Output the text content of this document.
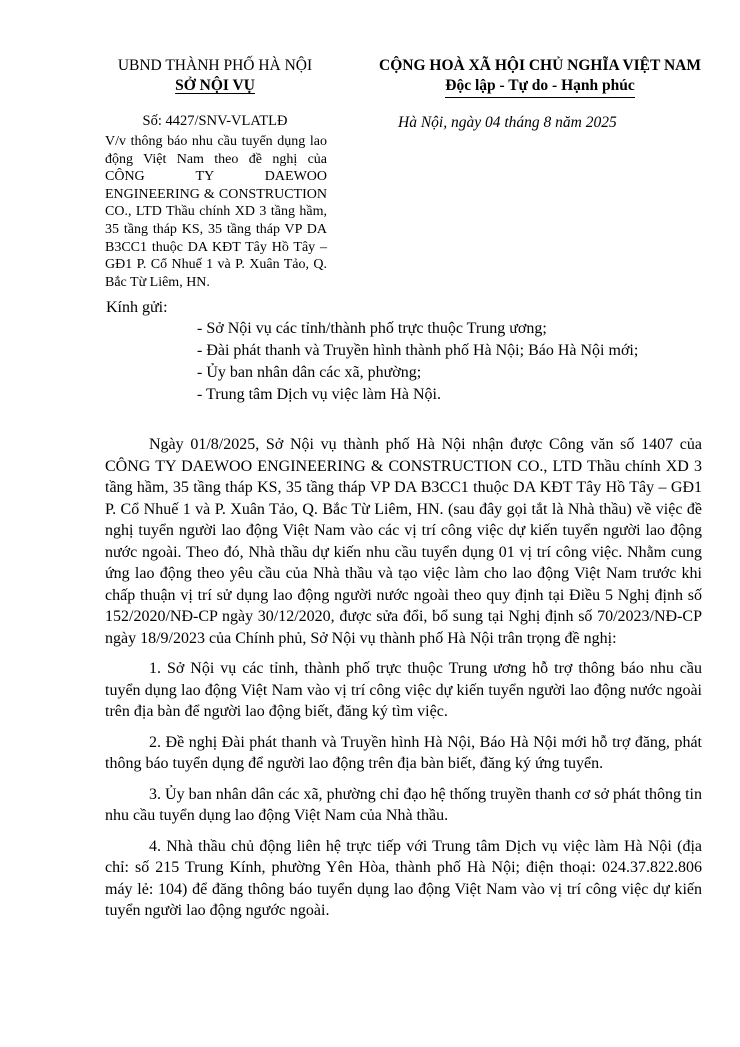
UBND THÀNH PHỐ HÀ NỘI
SỞ NỘI VỤ
CỘNG HOÀ XÃ HỘI CHỦ NGHĨA VIỆT NAM
Độc lập - Tự do - Hạnh phúc
Số: 4427/SNV-VLATLĐ	Hà Nội, ngày 04 tháng 8 năm 2025
V/v thông báo nhu cầu tuyển dụng lao động Việt Nam theo đề nghị của CÔNG TY DAEWOO ENGINEERING & CONSTRUCTION CO., LTD Thầu chính XD 3 tầng hầm, 35 tầng tháp KS, 35 tầng tháp VP DA B3CC1 thuộc DA KĐT Tây Hồ Tây – GĐ1 P. Cổ Nhuế 1 và P. Xuân Tảo, Q. Bắc Từ Liêm, HN.
Kính gửi:
- Sở Nội vụ các tỉnh/thành phố trực thuộc Trung ương;
- Đài phát thanh và Truyền hình thành phố Hà Nội; Báo Hà Nội mới;
- Ủy ban nhân dân các xã, phường;
- Trung tâm Dịch vụ việc làm Hà Nội.

Ngày 01/8/2025, Sở Nội vụ thành phố Hà Nội nhận được Công văn số 1407 của CÔNG TY DAEWOO ENGINEERING & CONSTRUCTION CO., LTD Thầu chính XD 3 tầng hầm, 35 tầng tháp KS, 35 tầng tháp VP DA B3CC1 thuộc DA KĐT Tây Hồ Tây – GĐ1 P. Cổ Nhuế 1 và P. Xuân Tảo, Q. Bắc Từ Liêm, HN. (sau đây gọi tắt là Nhà thầu) về việc đề nghị tuyển người lao động Việt Nam vào các vị trí công việc dự kiến tuyển người lao động nước ngoài. Theo đó, Nhà thầu dự kiến nhu cầu tuyển dụng 01 vị trí công việc. Nhằm cung ứng lao động theo yêu cầu của Nhà thầu và tạo việc làm cho lao động Việt Nam trước khi chấp thuận vị trí sử dụng lao động người nước ngoài theo quy định tại Điều 5 Nghị định số 152/2020/NĐ-CP ngày 30/12/2020, được sửa đổi, bổ sung tại Nghị định số 70/2023/NĐ-CP ngày 18/9/2023 của Chính phủ, Sở Nội vụ thành phố Hà Nội trân trọng đề nghị:

1. Sở Nội vụ các tỉnh, thành phố trực thuộc Trung ương hỗ trợ thông báo nhu cầu tuyển dụng lao động Việt Nam vào vị trí công việc dự kiến tuyển người lao động nước ngoài trên địa bàn để người lao động biết, đăng ký tìm việc.

2. Đề nghị Đài phát thanh và Truyền hình Hà Nội, Báo Hà Nội mới hỗ trợ đăng, phát thông báo tuyển dụng để người lao động trên địa bàn biết, đăng ký ứng tuyển.

3. Ủy ban nhân dân các xã, phường chỉ đạo hệ thống truyền thanh cơ sở phát thông tin nhu cầu tuyển dụng lao động Việt Nam của Nhà thầu.

4. Nhà thầu chủ động liên hệ trực tiếp với Trung tâm Dịch vụ việc làm Hà Nội (địa chỉ: số 215 Trung Kính, phường Yên Hòa, thành phố Hà Nội; điện thoại: 024.37.822.806 máy lẻ: 104) để đăng thông báo tuyển dụng lao động Việt Nam vào vị trí công việc dự kiến tuyển người lao động ngước ngoài.
